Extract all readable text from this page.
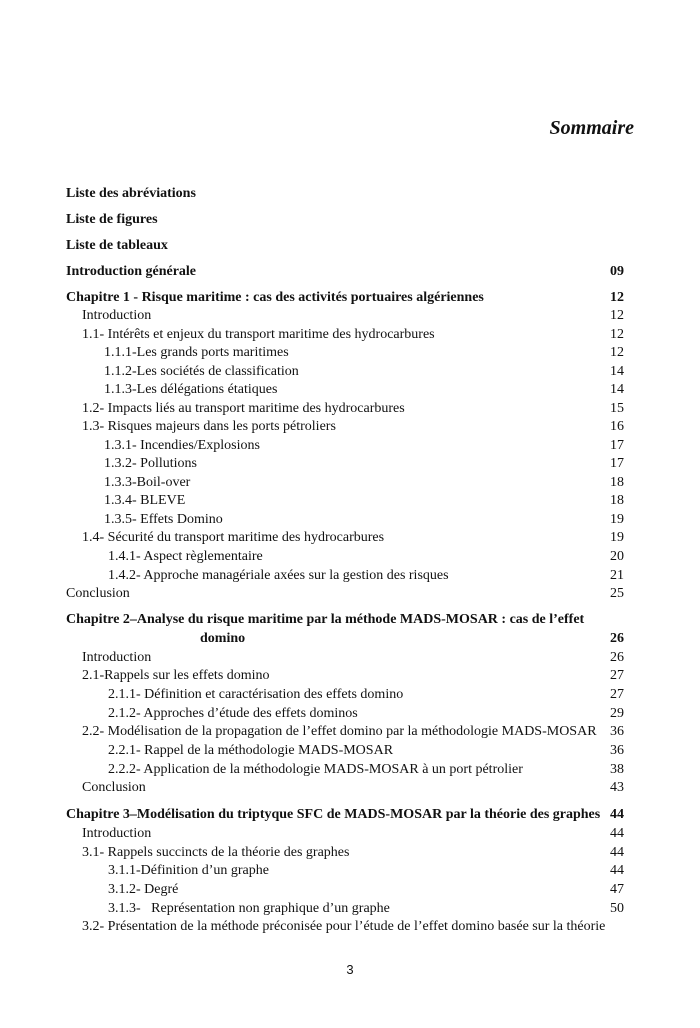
Sommaire
Liste des abréviations
Liste de figures
Liste de tableaux
Introduction générale	09
Chapitre 1 - Risque maritime : cas des activités portuaires algériennes	12
Introduction	12
1.1- Intérêts et enjeux du transport maritime des hydrocarbures	12
1.1.1-Les grands ports maritimes	12
1.1.2-Les sociétés de classification	14
1.1.3-Les délégations étatiques	14
1.2- Impacts liés au transport maritime des hydrocarbures	15
1.3- Risques majeurs dans les ports pétroliers	16
1.3.1- Incendies/Explosions	17
1.3.2- Pollutions	17
1.3.3-Boil-over	18
1.3.4- BLEVE	18
1.3.5- Effets Domino	19
1.4- Sécurité du transport maritime des hydrocarbures	19
1.4.1- Aspect règlementaire	20
1.4.2- Approche managériale axées sur la gestion des risques	21
Conclusion	25
Chapitre 2–Analyse du risque maritime par la méthode MADS-MOSAR : cas de l’effet
domino	26
Introduction	26
2.1-Rappels sur les effets domino	27
2.1.1- Définition et caractérisation des effets domino	27
2.1.2- Approches d’étude des effets dominos	29
2.2- Modélisation de la propagation de l’effet domino par la méthodologie MADS-MOSAR 36
2.2.1- Rappel de la méthodologie MADS-MOSAR	36
2.2.2- Application de la méthodologie MADS-MOSAR à un port pétrolier	38
Conclusion	43
Chapitre 3–Modélisation du triptyque SFC de MADS-MOSAR par la théorie des graphes 44
Introduction	44
3.1- Rappels succincts de la théorie des graphes	44
3.1.1-Définition d’un graphe	44
3.1.2- Degré	47
3.1.3-   Représentation non graphique d’un graphe	50
3.2- Présentation de la méthode préconisée pour l’étude de l’effet domino basée sur la théorie
3
